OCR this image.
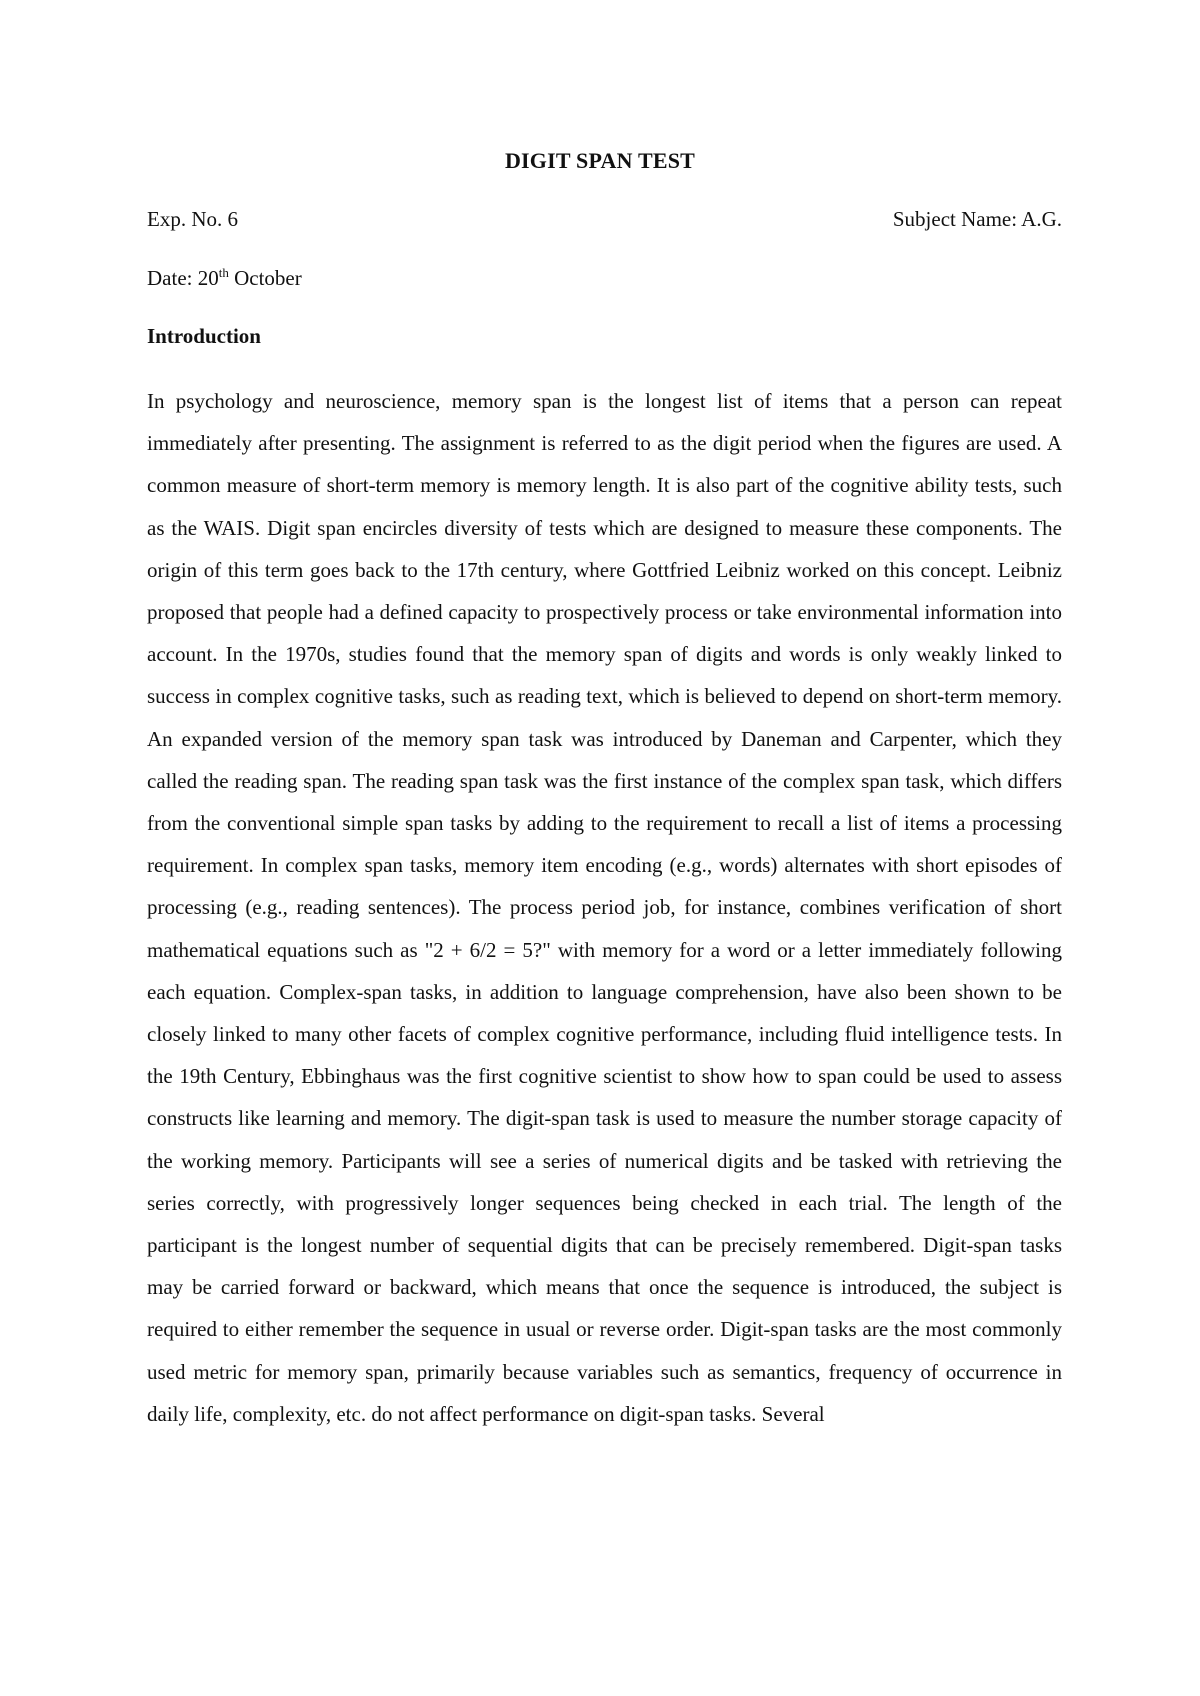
DIGIT SPAN TEST
Exp. No. 6	Subject Name: A.G.
Date: 20th October
Introduction

In psychology and neuroscience, memory span is the longest list of items that a person can repeat immediately after presenting. The assignment is referred to as the digit period when the figures are used. A common measure of short-term memory is memory length. It is also part of the cognitive ability tests, such as the WAIS. Digit span encircles diversity of tests which are designed to measure these components. The origin of this term goes back to the 17th century, where Gottfried Leibniz worked on this concept. Leibniz proposed that people had a defined capacity to prospectively process or take environmental information into account. In the 1970s, studies found that the memory span of digits and words is only weakly linked to success in complex cognitive tasks, such as reading text, which is believed to depend on short-term memory. An expanded version of the memory span task was introduced by Daneman and Carpenter, which they called the reading span. The reading span task was the first instance of the complex span task, which differs from the conventional simple span tasks by adding to the requirement to recall a list of items a processing requirement. In complex span tasks, memory item encoding (e.g., words) alternates with short episodes of processing (e.g., reading sentences). The process period job, for instance, combines verification of short mathematical equations such as "2 + 6/2 = 5?" with memory for a word or a letter immediately following each equation. Complex-span tasks, in addition to language comprehension, have also been shown to be closely linked to many other facets of complex cognitive performance, including fluid intelligence tests. In the 19th Century, Ebbinghaus was the first cognitive scientist to show how to span could be used to assess constructs like learning and memory. The digit-span task is used to measure the number storage capacity of the working memory. Participants will see a series of numerical digits and be tasked with retrieving the series correctly, with progressively longer sequences being checked in each trial. The length of the participant is the longest number of sequential digits that can be precisely remembered. Digit-span tasks may be carried forward or backward, which means that once the sequence is introduced, the subject is required to either remember the sequence in usual or reverse order. Digit-span tasks are the most commonly used metric for memory span, primarily because variables such as semantics, frequency of occurrence in daily life, complexity, etc. do not affect performance on digit-span tasks. Several
